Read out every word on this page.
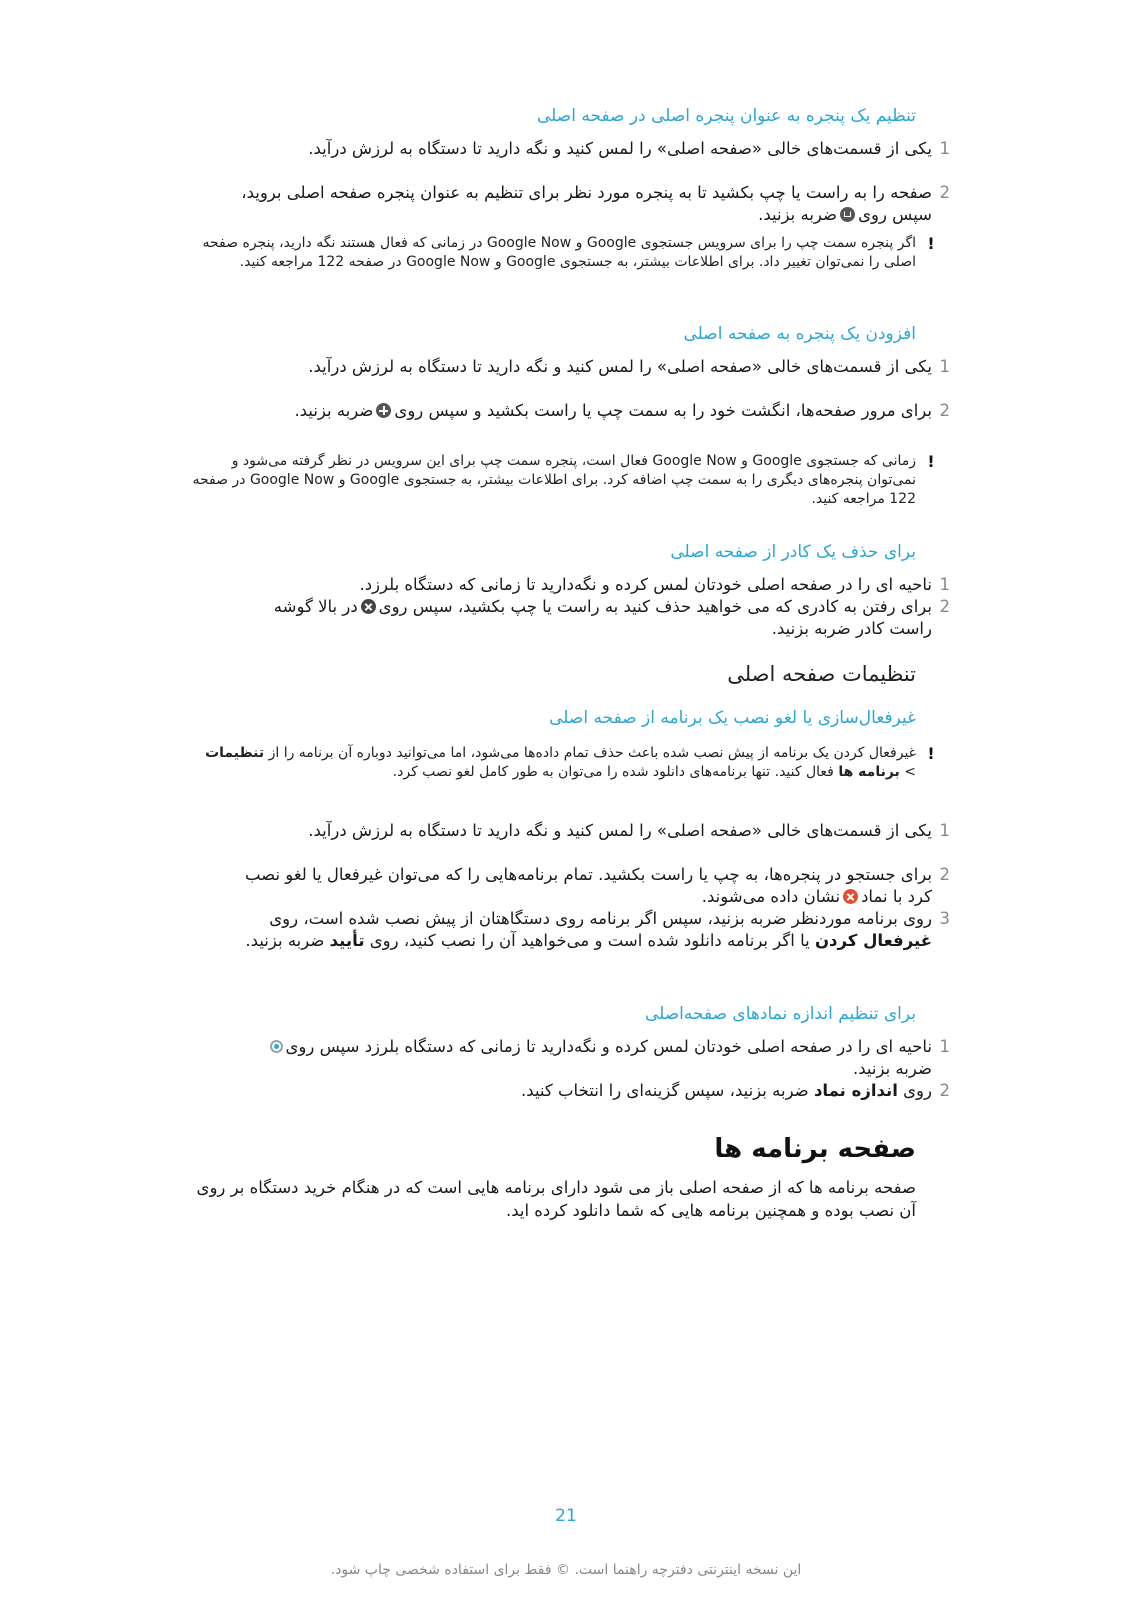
تنظیم یک پنجره به عنوان پنجره اصلی در صفحه اصلی
1
یکی از قسمت‌های خالی «صفحه اصلی» را لمس کنید و نگه دارید تا دستگاه به لرزش درآید.
2
صفحه را به راست یا چپ بکشید تا به پنجره مورد نظر برای تنظیم به عنوان پنجره صفحه اصلی بروید، سپس رویضربه بزنید.
!
اگر پنجره سمت چپ را برای سرویس جستجوی Google و Google Now در زمانی که فعال هستند نگه دارید، پنجره صفحه اصلی را نمی‌توان تغییر داد. برای اطلاعات بیشتر، به جستجوی Google و Google Now در صفحه 122 مراجعه کنید.
افزودن یک پنجره به صفحه اصلی
1
یکی از قسمت‌های خالی «صفحه اصلی» را لمس کنید و نگه دارید تا دستگاه به لرزش درآید.
2
برای مرور صفحه‌ها، انگشت خود را به سمت چپ یا راست بکشید و سپس رویضربه بزنید.
!
زمانی که جستجوی Google و Google Now فعال است، پنجره سمت چپ برای این سرویس در نظر گرفته می‌شود و نمی‌توان پنجره‌های دیگری را به سمت چپ اضافه کرد. برای اطلاعات بیشتر، به جستجوی Google و Google Now در صفحه 122 مراجعه کنید.
برای حذف یک کادر از صفحه اصلی
1
ناحیه ای را در صفحه اصلی خودتان لمس کرده و نگه‌دارید تا زمانی که دستگاه بلرزد.
2
برای رفتن به کادری که می خواهید حذف کنید به راست یا چپ بکشید، سپس رویدر بالا گوشه راست کادر ضربه بزنید.
تنظیمات صفحه اصلی
غیرفعال‌سازی یا لغو نصب یک برنامه از صفحه اصلی
!
غیرفعال کردن یک برنامه از پیش نصب شده باعث حذف تمام داده‌ها می‌شود، اما می‌توانید دوباره آن برنامه را از تنظیمات > برنامه ها فعال کنید. تنها برنامه‌های دانلود شده را می‌توان به طور کامل لغو نصب کرد.
1
یکی از قسمت‌های خالی «صفحه اصلی» را لمس کنید و نگه دارید تا دستگاه به لرزش درآید.
2
برای جستجو در پنجره‌ها، به چپ یا راست بکشید. تمام برنامه‌هایی را که می‌توان غیرفعال یا لغو نصب کرد با نمادنشان داده می‌شوند.
3
روی برنامه موردنظر ضربه بزنید، سپس اگر برنامه روی دستگاهتان از پیش نصب شده است، روی غیرفعال کردن یا اگر برنامه دانلود شده است و می‌خواهید آن را نصب کنید، روی تأیید ضربه بزنید.
برای تنظیم اندازه نمادهای صفحه‌اصلی
1
ناحیه ای را در صفحه اصلی خودتان لمس کرده و نگه‌دارید تا زمانی که دستگاه بلرزد سپس رویضربه بزنید.
2
روی اندازه نماد ضربه بزنید، سپس گزینه‌ای را انتخاب کنید.
صفحه برنامه ها
صفحه برنامه ها که از صفحه اصلی باز می شود دارای برنامه هایی است که در هنگام خرید دستگاه بر روی آن نصب بوده و همچنین برنامه هایی که شما دانلود کرده اید.
21
این نسخه اینترنتی دفترچه راهنما است. © فقط برای استفاده شخصی چاپ شود.
